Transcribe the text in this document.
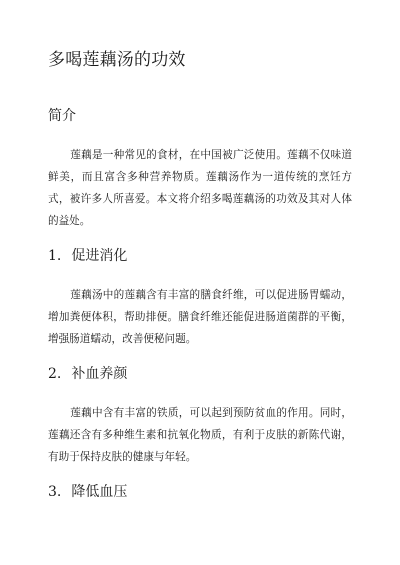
多喝莲藕汤的功效
简介

莲藕是一种常见的食材，在中国被广泛使用。莲藕不仅味道鲜美，而且富含多种营养物质。莲藕汤作为一道传统的烹饪方式，被许多人所喜爱。本文将介绍多喝莲藕汤的功效及其对人体的益处。

1. 促进消化

莲藕汤中的莲藕含有丰富的膳食纤维，可以促进肠胃蠕动，增加粪便体积，帮助排便。膳食纤维还能促进肠道菌群的平衡，增强肠道蠕动，改善便秘问题。

2. 补血养颜

莲藕中含有丰富的铁质，可以起到预防贫血的作用。同时，莲藕还含有多种维生素和抗氧化物质，有利于皮肤的新陈代谢，有助于保持皮肤的健康与年轻。

3. 降低血压
